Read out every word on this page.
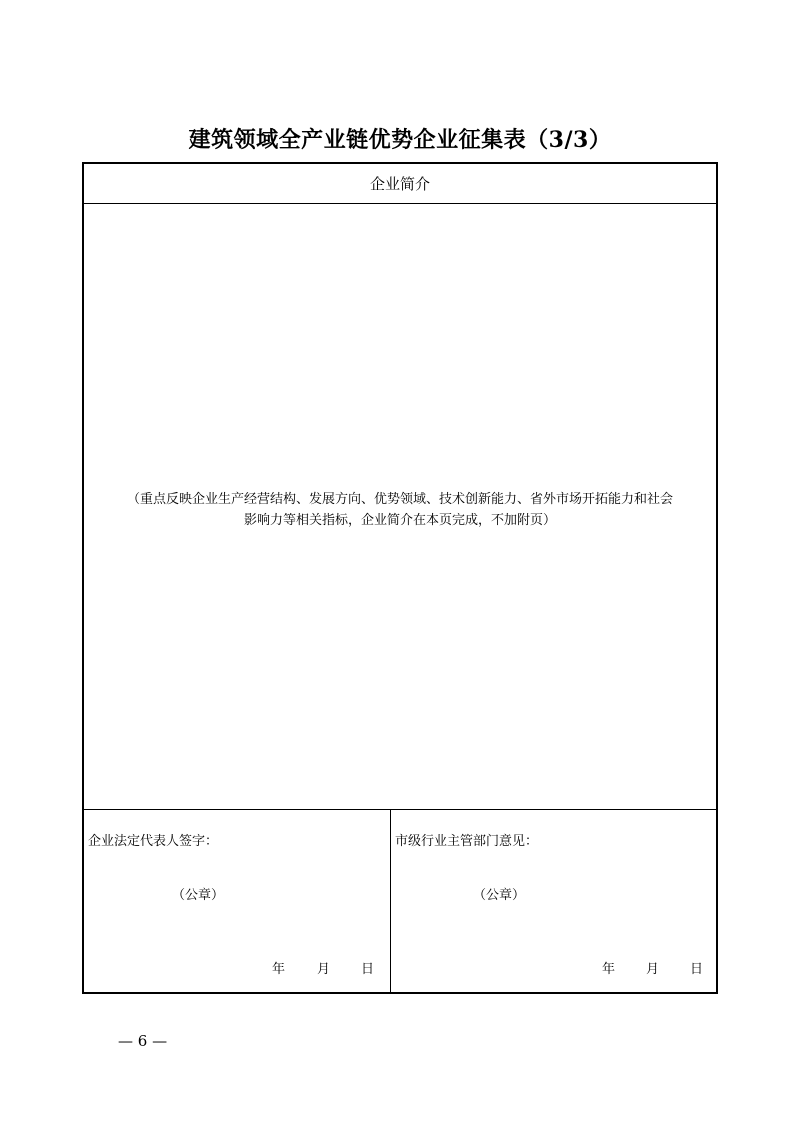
建筑领域全产业链优势企业征集表（3/3）
企业简介
（重点反映企业生产经营结构、发展方向、优势领域、技术创新能力、省外市场开拓能力和社会
影响力等相关指标，企业简介在本页完成，不加附页）
企业法定代表人签字：
（公章）
年 月 日
市级行业主管部门意见：
（公章）
年 月 日
— 6 —
